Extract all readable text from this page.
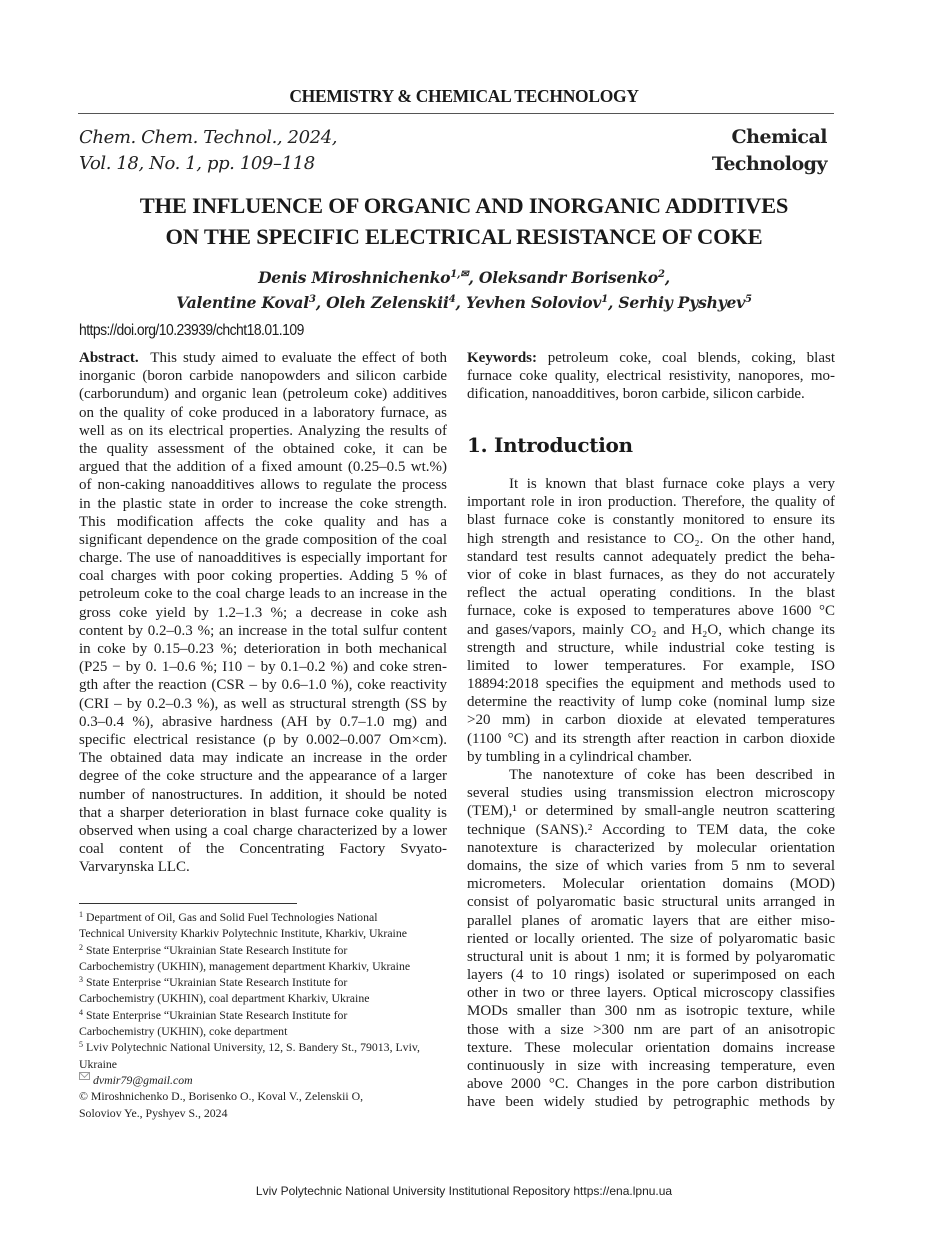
CHEMISTRY & CHEMICAL TECHNOLOGY
Chem. Chem. Technol., 2024,
Vol. 18, No. 1, pp. 109–118
Chemical
Technology
THE INFLUENCE OF ORGANIC AND INORGANIC ADDITIVES
ON THE SPECIFIC ELECTRICAL RESISTANCE OF COKE
Denis Miroshnichenko$^{1,✉}$, Oleksandr Borisenko$^2$,
Valentine Koval$^3$, Oleh Zelenskii$^4$, Yevhen Soloviov$^1$, Serhiy Pyshyev$^5$
https://doi.org/10.23939/chcht18.01.109
Abstract. This study aimed to evaluate the effect of both
inorganic (boron carbide nanopowders and silicon carbide
(carborundum) and organic lean (petroleum coke) additives
on the quality of coke produced in a laboratory furnace, as
well as on its electrical properties. Analyzing the results of
the quality assessment of the obtained coke, it can be
argued that the addition of a fixed amount (0.25–0.5 wt.%)
of non-caking nanoadditives allows to regulate the process
in the plastic state in order to increase the coke strength.
This modification affects the coke quality and has a
significant dependence on the grade composition of the coal
charge. The use of nanoadditives is especially important for
coal charges with poor coking properties. Adding 5 % of
petroleum coke to the coal charge leads to an increase in the
gross coke yield by 1.2–1.3 %; a decrease in coke ash
content by 0.2–0.3 %; an increase in the total sulfur content
in coke by 0.15–0.23 %; deterioration in both mechanical
(P25 − by 0. 1–0.6 %; I10 − by 0.1–0.2 %) and coke stren-
gth after the reaction (CSR – by 0.6–1.0 %), coke reactivity
(CRI – by 0.2–0.3 %), as well as structural strength (SS by
0.3–0.4 %), abrasive hardness (AH by 0.7–1.0 mg) and
specific electrical resistance (ρ by 0.002–0.007 Om×cm).
The obtained data may indicate an increase in the order
degree of the coke structure and the appearance of a larger
number of nanostructures. In addition, it should be noted
that a sharper deterioration in blast furnace coke quality is
observed when using a coal charge characterized by a lower
coal content of the Concentrating Factory Svyato-
Varvarynska LLC.
Keywords: petroleum coke, coal blends, coking, blast
furnace coke quality, electrical resistivity, nanopores, mo-
dification, nanoadditives, boron carbide, silicon carbide.
1. Introduction
It is known that blast furnace coke plays a very
important role in iron production. Therefore, the quality of
blast furnace coke is constantly monitored to ensure its
high strength and resistance to CO₂. On the other hand,
standard test results cannot adequately predict the beha-
vior of coke in blast furnaces, as they do not accurately
reflect the actual operating conditions. In the blast
furnace, coke is exposed to temperatures above 1600 °C
and gases/vapors, mainly CO₂ and H₂O, which change its
strength and structure, while industrial coke testing is
limited to lower temperatures. For example, ISO
18894:2018 specifies the equipment and methods used to
determine the reactivity of lump coke (nominal lump size
>20 mm) in carbon dioxide at elevated temperatures
(1100 °C) and its strength after reaction in carbon dioxide
by tumbling in a cylindrical chamber.
The nanotexture of coke has been described in
several studies using transmission electron microscopy
(TEM),¹ or determined by small-angle neutron scattering
technique (SANS).² According to TEM data, the coke
nanotexture is characterized by molecular orientation
domains, the size of which varies from 5 nm to several
micrometers. Molecular orientation domains (MOD)
consist of polyaromatic basic structural units arranged in
parallel planes of aromatic layers that are either miso-
riented or locally oriented. The size of polyaromatic basic
structural unit is about 1 nm; it is formed by polyaromatic
layers (4 to 10 rings) isolated or superimposed on each
other in two or three layers. Optical microscopy classifies
MODs smaller than 300 nm as isotropic texture, while
those with a size >300 nm are part of an anisotropic
texture. These molecular orientation domains increase
continuously in size with increasing temperature, even
above 2000 °C. Changes in the pore carbon distribution
have been widely studied by petrographic methods by
$^1$ Department of Oil, Gas and Solid Fuel Technologies National
Technical University Kharkiv Polytechnic Institute, Kharkiv, Ukraine
$^2$ State Enterprise “Ukrainian State Research Institute for
Carbochemistry (UKHIN), management department Kharkiv, Ukraine
$^3$ State Enterprise “Ukrainian State Research Institute for
Carbochemistry (UKHIN), coal department Kharkiv, Ukraine
$^4$ State Enterprise “Ukrainian State Research Institute for
Carbochemistry (UKHIN), coke department
$^5$ Lviv Polytechnic National University, 12, S. Bandery St., 79013, Lviv,
Ukraine
dvmir79@gmail.com
© Miroshnichenko D., Borisenko O., Koval V., Zelenskii O,
Soloviov Ye., Pyshyev S., 2024
Lviv Polytechnic National University Institutional Repository https://ena.lpnu.ua
